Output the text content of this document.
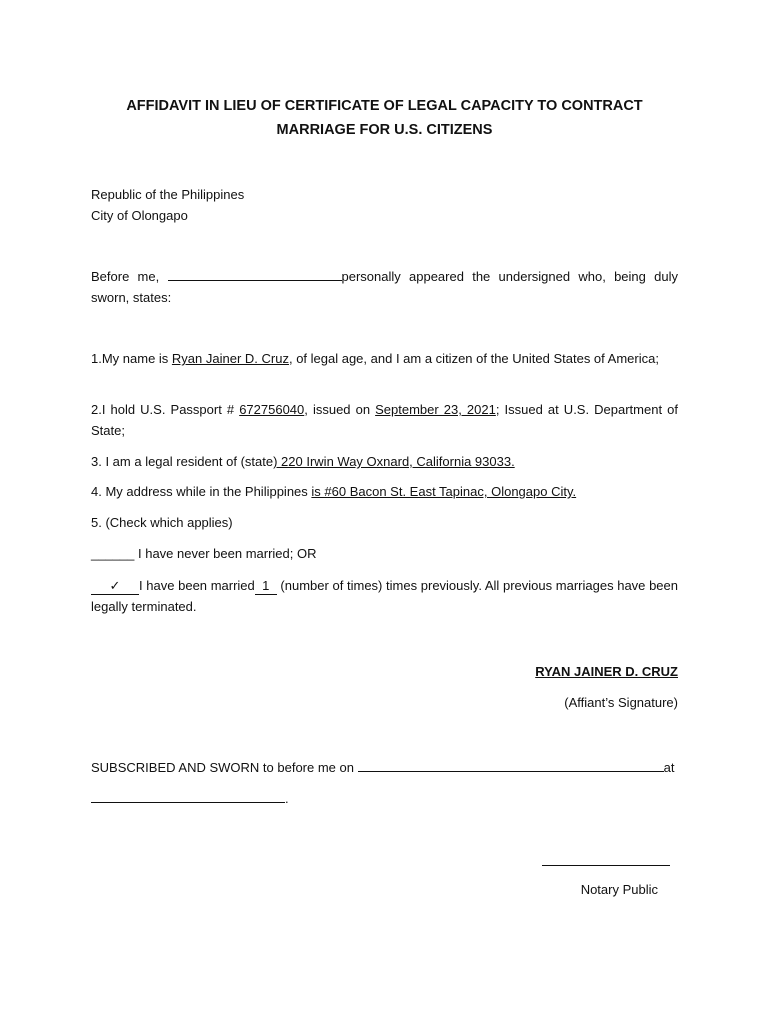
AFFIDAVIT IN LIEU OF CERTIFICATE OF LEGAL CAPACITY TO CONTRACT
MARRIAGE FOR U.S. CITIZENS
Republic of the Philippines
City of Olongapo
Before me,	personally appeared the undersigned who, being duly sworn, states:
1.My name is Ryan Jainer D. Cruz, of legal age, and I am a citizen of the United States of America;
2.I hold U.S. Passport # 672756040, issued on September 23, 2021; Issued at U.S. Department of State;
3. I am a legal resident of (state) 220 Irwin Way Oxnard, California 93033.
4. My address while in the Philippines is #60 Bacon St. East Tapinac, Olongapo City.
5. (Check which applies)
______ I have never been married; OR
✓ I have been married 1 (number of times) times previously. All previous marriages have been legally terminated.
RYAN JAINER D. CRUZ
(Affiant’s Signature)
SUBSCRIBED AND SWORN to before me on	at
.
Notary Public
